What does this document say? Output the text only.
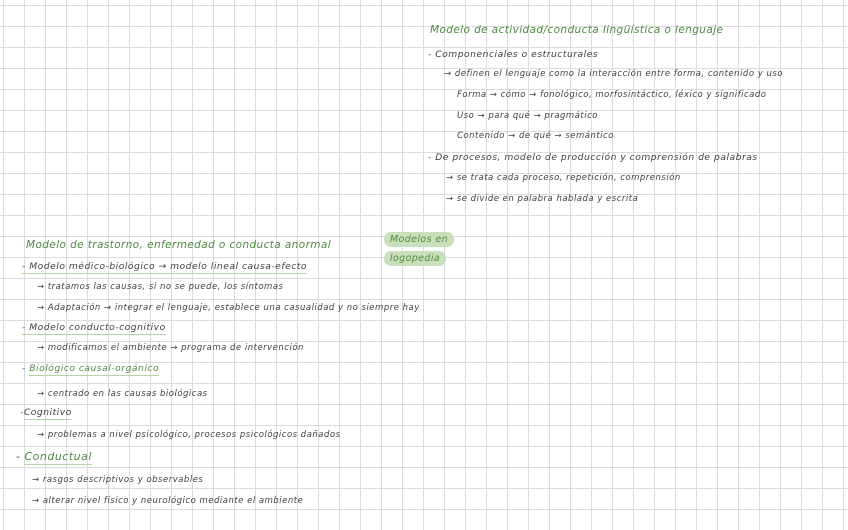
Modelos en
logopedia
Modelo de actividad/conducta lingüística o lenguaje
- Componenciales o estructurales
→ definen el lenguaje como la interacción entre forma, contenido y uso
Forma → cómo → fonológico, morfosintáctico, léxico y significado
Uso → para qué → pragmático
Contenido → de qué → semántico
- De procesos, modelo de producción y comprensión de palabras
→ se trata cada proceso, repetición, comprensión
→ se divide en palabra hablada y escrita
Modelo de trastorno, enfermedad o conducta anormal
- Modelo médico-biológico → modelo lineal causa-efecto
→ tratamos las causas, si no se puede, los síntomas
→ Adaptación → integrar el lenguaje, establece una casualidad y no siempre hay
- Modelo conducto-cognitivo
→ modificamos el ambiente → programa de intervención
- Biológico causal-orgánico
→ centrado en las causas biológicas
-Cognitivo
→ problemas a nivel psicológico, procesos psicológicos dañados
- Conductual
→ rasgos descriptivos y observables
→ alterar nivel físico y neurológico mediante el ambiente
